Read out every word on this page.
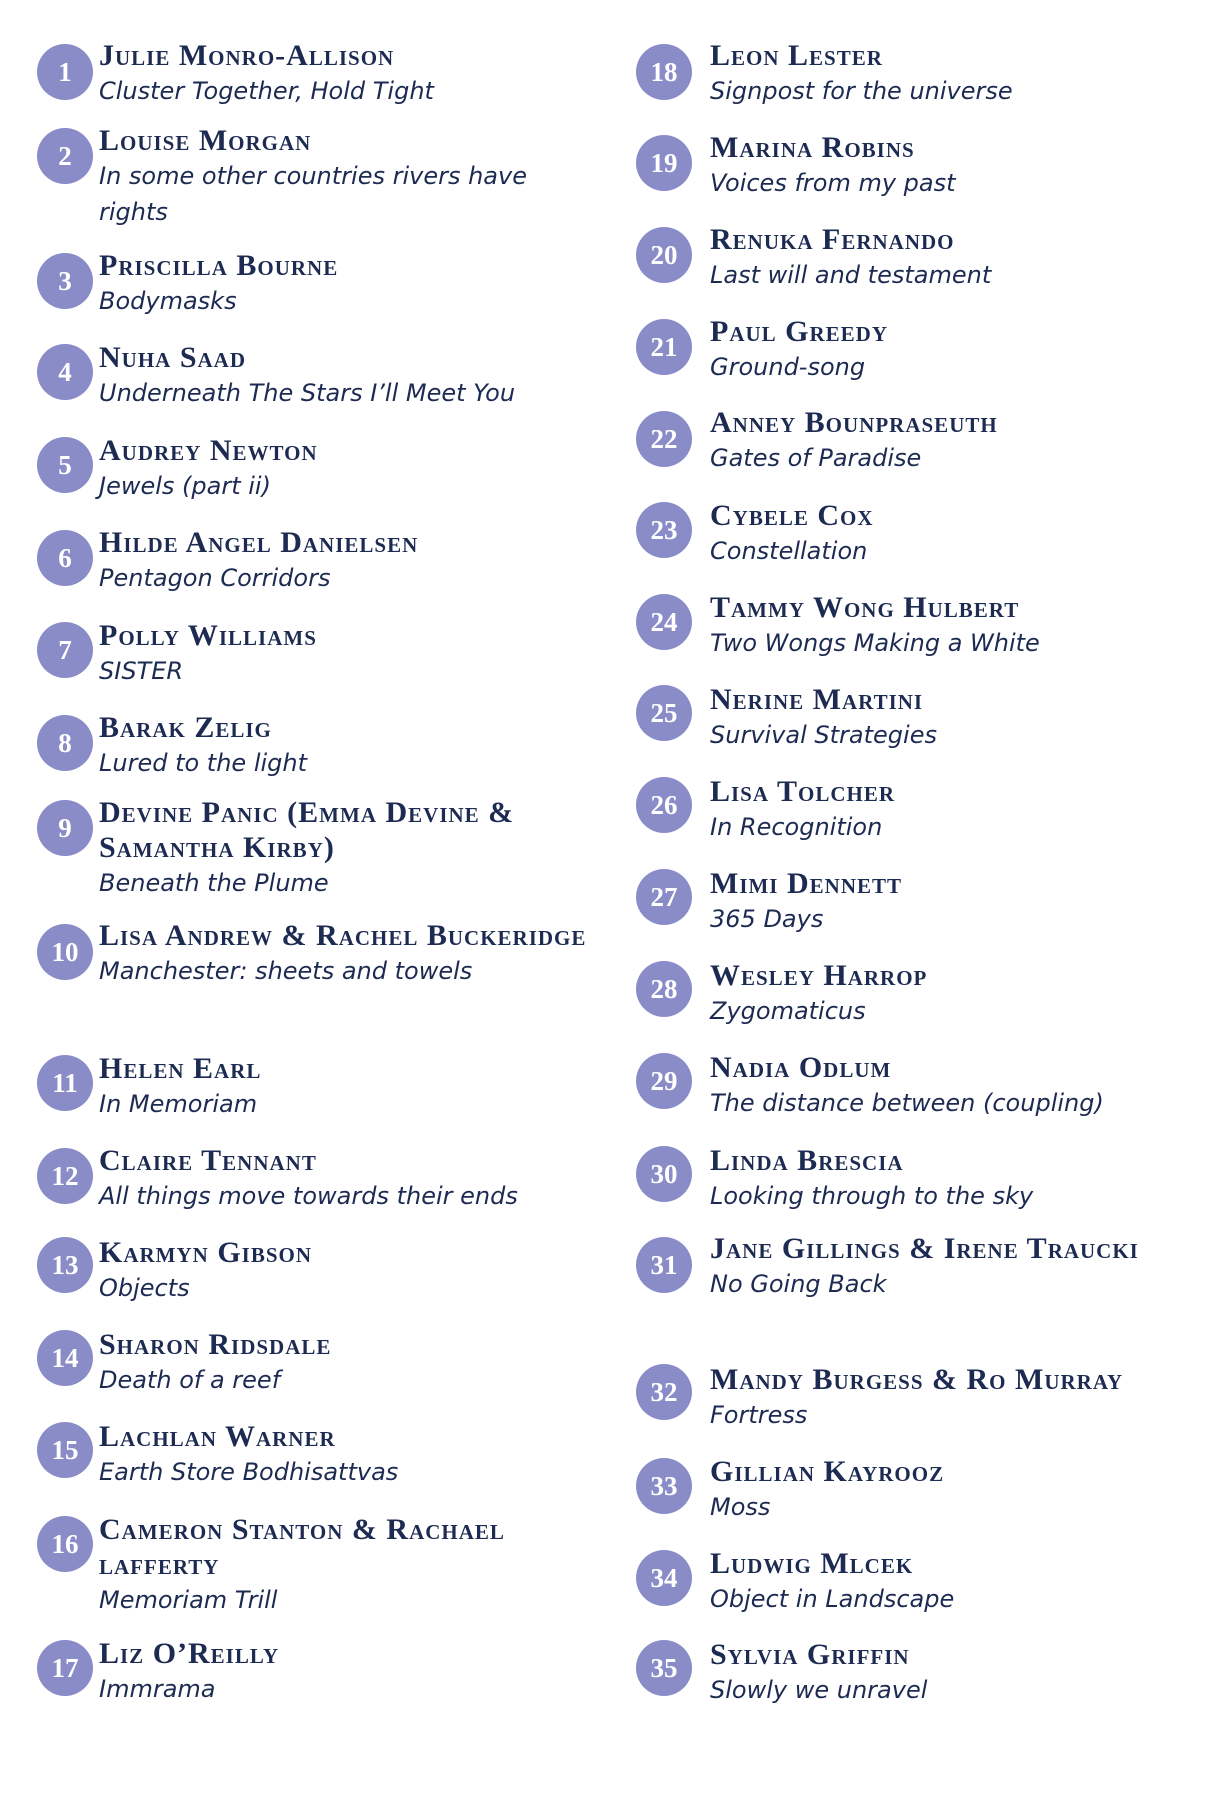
1 Julie Monro-Allison
Cluster Together, Hold Tight
2 Louise Morgan
In some other countries rivers have rights
3 Priscilla Bourne
Bodymasks
4 Nuha Saad
Underneath The Stars I’ll Meet You
5 Audrey Newton
Jewels (part ii)
6 Hilde Angel Danielsen
Pentagon Corridors
7 Polly Williams
SISTER
8 Barak Zelig
Lured to the light
9 Devine Panic (Emma Devine & Samantha Kirby)
Beneath the Plume
10 Lisa Andrew & Rachel Buckeridge
Manchester: sheets and towels
11 Helen Earl
In Memoriam
12 Claire Tennant
All things move towards their ends
13 Karmyn Gibson
Objects
14 Sharon Ridsdale
Death of a reef
15 Lachlan Warner
Earth Store Bodhisattvas
16 Cameron Stanton & Rachael lafferty
Memoriam Trill
17 Liz O’Reilly
Immrama
18	Leon Lester
Signpost for the universe
19	Marina Robins
Voices from my past
20	Renuka Fernando
Last will and testament
21	Paul Greedy
Ground-song
22	Anney Bounpraseuth
Gates of Paradise
23	Cybele Cox
Constellation
24	Tammy Wong Hulbert
Two Wongs Making a White
25	Nerine Martini
Survival Strategies
26	Lisa Tolcher
In Recognition
27	Mimi Dennett
365 Days
28	Wesley Harrop
Zygomaticus
29	Nadia Odlum
The distance between (coupling)
30	Linda Brescia
Looking through to the sky
31	Jane Gillings & Irene Traucki
No Going Back
32	Mandy Burgess & Ro Murray
Fortress
33	Gillian Kayrooz
Moss
34	Ludwig Mlcek
Object in Landscape
35	Sylvia Griffin
Slowly we unravel
